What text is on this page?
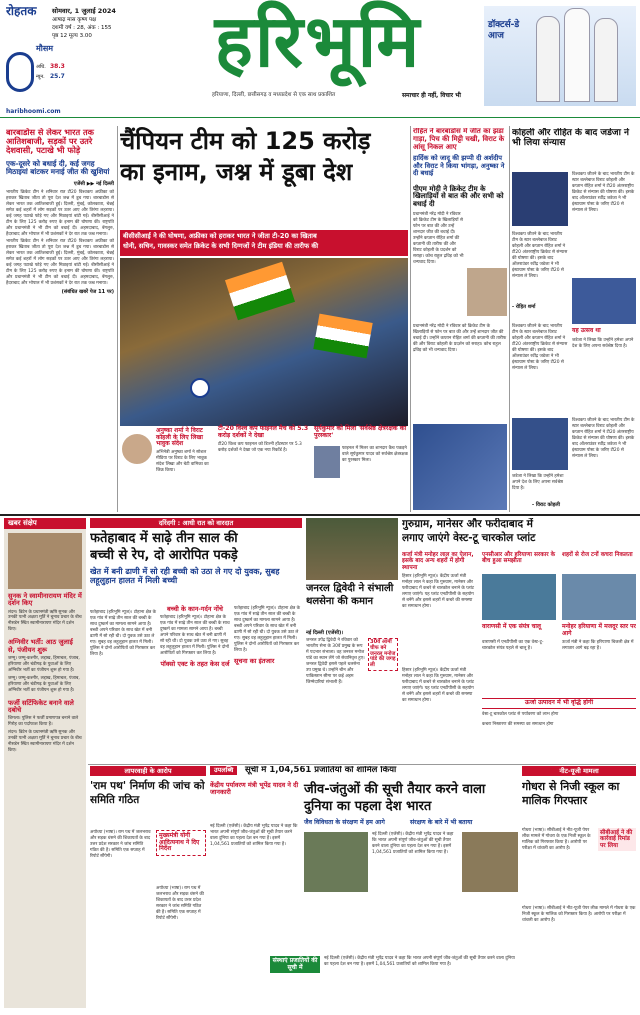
रोहतक सोमवार, 1 जुलाई 2024
आषाढ़ मास कृष्ण पक्ष
दशमी वर्ष : 28, अंक : 155
पृष्ठ 12 मूल्य 3.00
मौसम
अधि. 38.3
न्यून. 25.7
haribhoomi.com
हरिभूमि
हरियाणा, दिल्ली, छत्तीसगढ़ व मध्यप्रदेश से एक साथ प्रकाशित	समाचार ही नहीं, विचार भी
डॉक्टर्स-डे आज
बारबाडोस से लेकर भारत तक आतिशबाजी, सड़कों पर उतरे देशवासी, पटाखे भी फोड़े
एक-दूसरे को बधाई दी, कई जगह मिठाइयां बांटकर मनाई जीत की खुशियां
एजेंसी ▶▶ नई दिल्ली
भारतीय क्रिकेट टीम ने शनिवार रात टी20 विश्वकप अफ्रीका को हराकर खिताब जीता तो पूरा देश जश्न में डूब गया। बारबाडोस से लेकर भारत तक आतिशबाजी हुई। दिल्ली, मुंबई, कोलकाता, चेन्नई समेत कई शहरों में लोग सड़कों पर उतर आए और तिरंगा लहराया। कई जगह पटाखे फोड़े गए और मिठाइयां बांटी गईं। बीसीसीआई ने टीम के लिए 125 करोड़ रुपए के इनाम की घोषणा की। राष्ट्रपति और प्रधानमंत्री ने भी टीम को बधाई दी। अहमदाबाद, बेंगलुरु, हैदराबाद और भोपाल में भी प्रशंसकों ने देर रात तक जश्न मनाया।
भारतीय क्रिकेट टीम ने शनिवार रात टी20 विश्वकप अफ्रीका को हराकर खिताब जीता तो पूरा देश जश्न में डूब गया। बारबाडोस से लेकर भारत तक आतिशबाजी हुई। दिल्ली, मुंबई, कोलकाता, चेन्नई समेत कई शहरों में लोग सड़कों पर उतर आए और तिरंगा लहराया। कई जगह पटाखे फोड़े गए और मिठाइयां बांटी गईं। बीसीसीआई ने टीम के लिए 125 करोड़ रुपए के इनाम की घोषणा की। राष्ट्रपति और प्रधानमंत्री ने भी टीम को बधाई दी। अहमदाबाद, बेंगलुरु, हैदराबाद और भोपाल में भी प्रशंसकों ने देर रात तक जश्न मनाया।
(संबंधित खबरें पेज 11 पर)
चैंपियन टीम को 125 करोड़
का इनाम, जश्न में डूबा देश
बीसीसीआई ने की घोषणा, अफ्रीका को हराकर भारत ने जीता टी-20 का खिताब
धोनी, सचिन, गावस्कर समेत क्रिकेट के सभी दिग्गजों ने टीम इंडिया की तारीफ की
अनुष्का शर्मा ने विराट कोहली के लिए लिखा भावुक संदेश
अभिनेत्री अनुष्का शर्मा ने सोशल मीडिया पर विराट के लिए भावुक संदेश लिखा और बेटी वामिका का जिक्र किया।
टी-20 विश्व कप फाइनल मैच को 5.3 करोड़ दर्शकों ने देखा
टी20 विश्व कप फाइनल को डिज्नी हॉटस्टार पर 5.3 करोड़ दर्शकों ने देखा जो एक नया रिकॉर्ड है।
सूर्यकुमार को मिला 'सर्वश्रेष्ठ क्षेत्ररक्षक का पुरस्कार'
फाइनल में मिलर का शानदार कैच पकड़ने वाले सूर्यकुमार यादव को सर्वश्रेष्ठ क्षेत्ररक्षक का पुरस्कार मिला।
रोहित ने बारबाडोस में जीत का झंडा गाड़ा, पिच की मिट्टी चखी, विराट के आंसू निकल आए
हार्दिक को जादू की झप्पी दी अर्शदीप और विराट ने किया भांगड़ा, अनुष्का ने दी बधाई
पीएम मोदी ने क्रिकेट टीम के खिलाड़ियों से बात की और सभी को बधाई दी
प्रधानमंत्री नरेंद्र मोदी ने रविवार को क्रिकेट टीम के खिलाड़ियों से फोन पर बात की और उन्हें शानदार जीत की बधाई दी। उन्होंने कप्तान रोहित शर्मा की कप्तानी की तारीफ की और विराट कोहली के प्रदर्शन को सराहा। कोच राहुल द्रविड़ को भी धन्यवाद दिया।
प्रधानमंत्री नरेंद्र मोदी ने रविवार को क्रिकेट टीम के खिलाड़ियों से फोन पर बात की और उन्हें शानदार जीत की बधाई दी। उन्होंने कप्तान रोहित शर्मा की कप्तानी की तारीफ की और विराट कोहली के प्रदर्शन को सराहा। कोच राहुल द्रविड़ को भी धन्यवाद दिया।
कोहली और रोहित के बाद जडेजा ने भी लिया संन्यास
विश्वकप जीतने के बाद भारतीय टीम के स्टार बल्लेबाज विराट कोहली और कप्तान रोहित शर्मा ने टी20 अंतरराष्ट्रीय क्रिकेट से संन्यास की घोषणा की। इसके बाद ऑलराउंडर रवींद्र जडेजा ने भी इंस्टाग्राम पोस्ट के जरिए टी20 से संन्यास ले लिया।
विश्वकप जीतने के बाद भारतीय टीम के स्टार बल्लेबाज विराट कोहली और कप्तान रोहित शर्मा ने टी20 अंतरराष्ट्रीय क्रिकेट से संन्यास की घोषणा की। इसके बाद ऑलराउंडर रवींद्र जडेजा ने भी इंस्टाग्राम पोस्ट के जरिए टी20 से संन्यास ले लिया।
- रोहित शर्मा
यह उत्सव था
जडेजा ने लिखा कि उन्होंने हमेशा अपने देश के लिए अपना सर्वश्रेष्ठ दिया है।
विश्वकप जीतने के बाद भारतीय टीम के स्टार बल्लेबाज विराट कोहली और कप्तान रोहित शर्मा ने टी20 अंतरराष्ट्रीय क्रिकेट से संन्यास की घोषणा की। इसके बाद ऑलराउंडर रवींद्र जडेजा ने भी इंस्टाग्राम पोस्ट के जरिए टी20 से संन्यास ले लिया।
जडेजा ने लिखा कि उन्होंने हमेशा अपने देश के लिए अपना सर्वश्रेष्ठ दिया है।
- विराट कोहली
विश्वकप जीतने के बाद भारतीय टीम के स्टार बल्लेबाज विराट कोहली और कप्तान रोहित शर्मा ने टी20 अंतरराष्ट्रीय क्रिकेट से संन्यास की घोषणा की। इसके बाद ऑलराउंडर रवींद्र जडेजा ने भी इंस्टाग्राम पोस्ट के जरिए टी20 से संन्यास ले लिया।
खबर संक्षेप
सुनक ने स्वामीनारायण मंदिर में दर्शन किए
लंदन। ब्रिटेन के प्रधानमंत्री ऋषि सुनक और उनकी पत्नी अक्षता मूर्ति ने चुनाव प्रचार के बीच नीसडेन स्थित स्वामीनारायण मंदिर में दर्शन किए।
अग्निवीर भर्ती: आठ जुलाई से, पंजीयन शुरू
जम्मू। जम्मू-कश्मीर, लद्दाख, हिमाचल, पंजाब, हरियाणा और चंडीगढ़ के युवाओं के लिए अग्निवीर भर्ती का पंजीयन शुरू हो गया है।
जम्मू। जम्मू-कश्मीर, लद्दाख, हिमाचल, पंजाब, हरियाणा और चंडीगढ़ के युवाओं के लिए अग्निवीर भर्ती का पंजीयन शुरू हो गया है।
फर्जी सर्टिफिकेट बनाने वाले दबोचे
शिमला। पुलिस ने फर्जी प्रमाणपत्र बनाने वाले गिरोह का पर्दाफाश किया है।
लंदन। ब्रिटेन के प्रधानमंत्री ऋषि सुनक और उनकी पत्नी अक्षता मूर्ति ने चुनाव प्रचार के बीच नीसडेन स्थित स्वामीनारायण मंदिर में दर्शन किए।
दरिंदगी : आधी रात को वारदात
फतेहाबाद में साढ़े तीन साल की
बच्ची से रेप, दो आरोपित पकड़े
खेत में बनी ढाणी में सो रही बच्ची को उठा ले गए दो युवक, सुबह लहूलुहान हालत में मिली बच्ची
फतेहाबाद (हरिभूमि न्यूज)। टोहाना क्षेत्र के एक गांव में साढ़े तीन साल की बच्ची के साथ दुष्कर्म का मामला सामने आया है। बच्ची अपने परिवार के साथ खेत में बनी ढाणी में सो रही थी। दो युवक उसे उठा ले गए। सुबह वह लहूलुहान हालत में मिली। पुलिस ने दोनों आरोपितों को गिरफ्तार कर लिया है।
बच्ची के कान-गर्दन नोंचे
फतेहाबाद (हरिभूमि न्यूज)। टोहाना क्षेत्र के एक गांव में साढ़े तीन साल की बच्ची के साथ दुष्कर्म का मामला सामने आया है। बच्ची अपने परिवार के साथ खेत में बनी ढाणी में सो रही थी। दो युवक उसे उठा ले गए। सुबह वह लहूलुहान हालत में मिली। पुलिस ने दोनों आरोपितों को गिरफ्तार कर लिया है।
पॉक्सो एक्ट के तहत केस दर्ज
फतेहाबाद (हरिभूमि न्यूज)। टोहाना क्षेत्र के एक गांव में साढ़े तीन साल की बच्ची के साथ दुष्कर्म का मामला सामने आया है। बच्ची अपने परिवार के साथ खेत में बनी ढाणी में सो रही थी। दो युवक उसे उठा ले गए। सुबह वह लहूलुहान हालत में मिली। पुलिस ने दोनों आरोपितों को गिरफ्तार कर लिया है।
सूचना का इंतजार
जनरल द्विवेदी ने संभाली थलसेना की कमान
नई दिल्ली (एजेंसी)।
जनरल उपेंद्र द्विवेदी ने रविवार को भारतीय सेना के 30वें प्रमुख के रूप में पदभार संभाला। वह जनरल मनोज पांडे का स्थान लेंगे जो सेवानिवृत्त हुए। जनरल द्विवेदी इससे पहले थलसेना उप प्रमुख थे। उन्होंने चीन और पाकिस्तान सीमा पर कई अहम जिम्मेदारियां संभाली हैं।
30वें आर्मी चीफ बने जनरल मनोज पांडे की जगह ली
गुरुग्राम, मानेसर और फरीदाबाद में
लगाए जाएंगे वेस्ट-टू चारकोल प्लांट
कर्जा मंत्री मनोहर लाल का ऐलान, इसके बाद अन्य शहरों में होगी स्थापना
एनसीआर और हरियाणा सरकार के बीच हुआ समझौता
शहरों से रोज टनों कचरा निकलता
हिसार (हरिभूमि न्यूज)। केंद्रीय ऊर्जा मंत्री मनोहर लाल ने कहा कि गुरुग्राम, मानेसर और फरीदाबाद में कचरे से चारकोल बनाने के प्लांट लगाए जाएंगे। यह प्लांट एनटीपीसी के सहयोग से बनेंगे और इससे शहरों में कचरे की समस्या का समाधान होगा।
वाराणसी में एक संयंत्र चालू
वाराणसी में एनटीपीसी का एक वेस्ट-टू-चारकोल संयंत्र पहले से चालू है।
मनोहर हरियाणा में मजदूर स्तर पर आगे
ऊर्जा मंत्री ने कहा कि हरियाणा बिजली क्षेत्र में लगातार आगे बढ़ रहा है।
ऊर्जा उत्पादन में भी वृद्धि होगी
वेस्ट-टू चारकोल प्लांट से पर्यावरण को लाभ होगा
कचरा निस्तारण की समस्या का समाधान होगा
हिसार (हरिभूमि न्यूज)। केंद्रीय ऊर्जा मंत्री मनोहर लाल ने कहा कि गुरुग्राम, मानेसर और फरीदाबाद में कचरे से चारकोल बनाने के प्लांट लगाए जाएंगे। यह प्लांट एनटीपीसी के सहयोग से बनेंगे और इससे शहरों में कचरे की समस्या का समाधान होगा।
लापरवाही के आरोप
'राम पथ' निर्माण की जांच को समिति गठित
अयोध्या (भाषा)। राम पथ में जलभराव और सड़क धंसने की शिकायतों के बाद उत्तर प्रदेश सरकार ने जांच समिति गठित की है। समिति एक सप्ताह में रिपोर्ट सौंपेगी।
मुख्यमंत्री योगी आदित्यनाथ ने दिए निर्देश
अयोध्या (भाषा)। राम पथ में जलभराव और सड़क धंसने की शिकायतों के बाद उत्तर प्रदेश सरकार ने जांच समिति गठित की है। समिति एक सप्ताह में रिपोर्ट सौंपेगी।
उपलब्धि सूची में 1,04,561 प्रजातियों को शामिल किया
केंद्रीय पर्यावरण मंत्री भूपेंद्र यादव ने दी जानकारी	जीव-जंतुओं की सूची तैयार करने वाला दुनिया का पहला देश भारत
जैव विविधता के संरक्षण में हम आगे	संरक्षण के बारे में भी बताया
नई दिल्ली (एजेंसी)। केंद्रीय मंत्री भूपेंद्र यादव ने कहा कि भारत अपनी संपूर्ण जीव-जंतुओं की सूची तैयार करने वाला दुनिया का पहला देश बन गया है। इसमें 1,04,561 प्रजातियों को शामिल किया गया है।
नई दिल्ली (एजेंसी)। केंद्रीय मंत्री भूपेंद्र यादव ने कहा कि भारत अपनी संपूर्ण जीव-जंतुओं की सूची तैयार करने वाला दुनिया का पहला देश बन गया है। इसमें 1,04,561 प्रजातियों को शामिल किया गया है।
संस्थाएं प्रजातियों की सूची में
नई दिल्ली (एजेंसी)। केंद्रीय मंत्री भूपेंद्र यादव ने कहा कि भारत अपनी संपूर्ण जीव-जंतुओं की सूची तैयार करने वाला दुनिया का पहला देश बन गया है। इसमें 1,04,561 प्रजातियों को शामिल किया गया है।
नीट-यूजी मामला
गोधरा से निजी स्कूल का मालिक गिरफ्तार
गोधरा (भाषा)। सीबीआई ने नीट-यूजी पेपर लीक मामले में गोधरा के एक निजी स्कूल के मालिक को गिरफ्तार किया है। आरोपी पर परीक्षा में धांधली का आरोप है।
सीबीआई ने की कार्रवाई रिमांड पर लिया
गोधरा (भाषा)। सीबीआई ने नीट-यूजी पेपर लीक मामले में गोधरा के एक निजी स्कूल के मालिक को गिरफ्तार किया है। आरोपी पर परीक्षा में धांधली का आरोप है।
